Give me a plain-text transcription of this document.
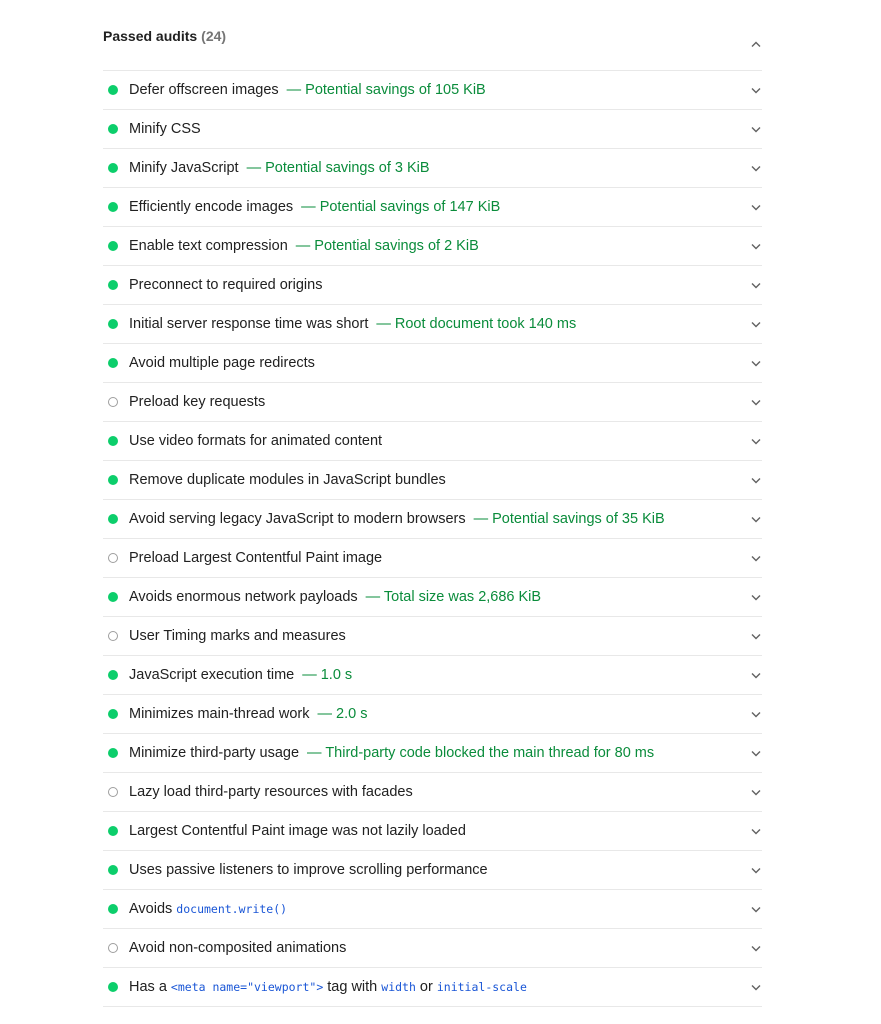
Passed audits (24)
Defer offscreen images — Potential savings of 105 KiB
Minify CSS
Minify JavaScript — Potential savings of 3 KiB
Efficiently encode images — Potential savings of 147 KiB
Enable text compression — Potential savings of 2 KiB
Preconnect to required origins
Initial server response time was short — Root document took 140 ms
Avoid multiple page redirects
Preload key requests
Use video formats for animated content
Remove duplicate modules in JavaScript bundles
Avoid serving legacy JavaScript to modern browsers — Potential savings of 35 KiB
Preload Largest Contentful Paint image
Avoids enormous network payloads — Total size was 2,686 KiB
User Timing marks and measures
JavaScript execution time — 1.0 s
Minimizes main-thread work — 2.0 s
Minimize third-party usage — Third-party code blocked the main thread for 80 ms
Lazy load third-party resources with facades
Largest Contentful Paint image was not lazily loaded
Uses passive listeners to improve scrolling performance
Avoids document.write()
Avoid non-composited animations
Has a <meta name="viewport"> tag with width or initial-scale
